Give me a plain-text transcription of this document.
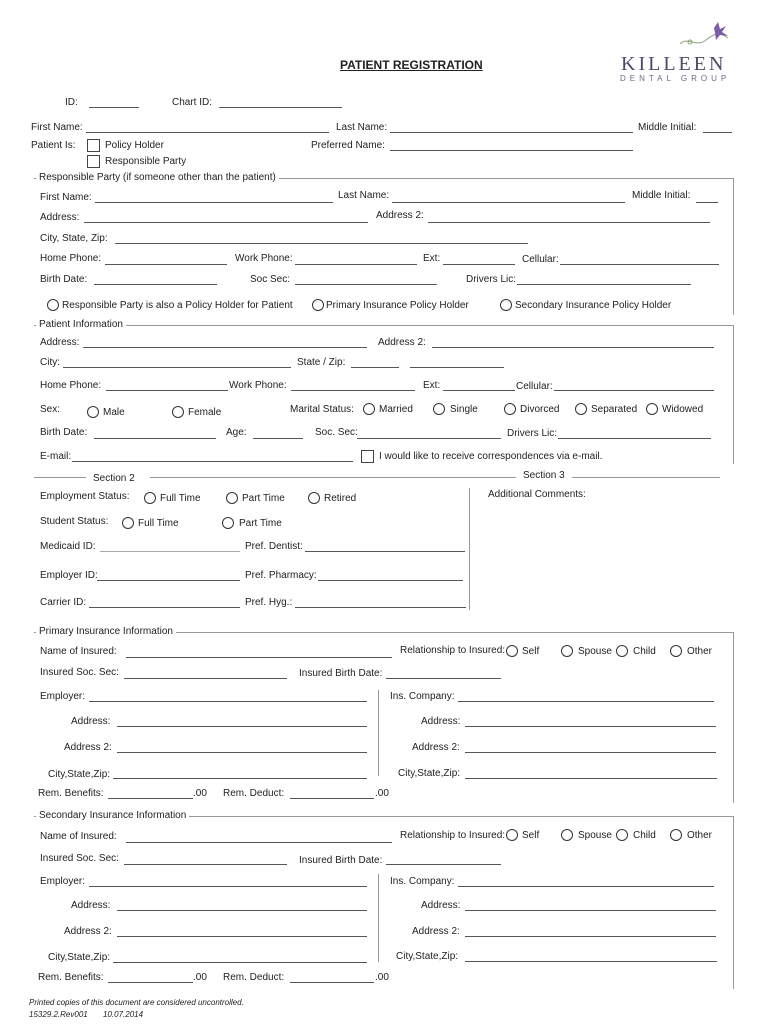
PATIENT REGISTRATION	KILLEEN
DENTAL GROUP
ID:	Chart ID:
First Name:	Last Name:	Middle Initial:
Patient Is:	Policy Holder
Responsible Party
Preferred Name:
Responsible Party (if someone other than the patient)
First Name:	Last Name:	Middle Initial:
Address:	Address 2:
City, State, Zip:
Home Phone:	Work Phone:	Ext:	Cellular:
Birth Date:	Soc Sec:	Drivers Lic:
Responsible Party is also a Policy Holder for Patient	Primary Insurance Policy Holder	Secondary Insurance Policy Holder
Patient Information
Address:	Address 2:
City:	State / Zip:
Home Phone:	Work Phone:	Ext:	Cellular:
Sex:	Male	Female	Marital Status:	Married	Single	Divorced	Separated Widowed
Birth Date:	Age:	Soc. Sec:	Drivers Lic:
E-mail:	I would like to receive correspondences via e-mail.
Section 2	Section 3
Employment Status:	Full Time	Part Time	Retired	Additional Comments:
Student Status:	Full Time	Part Time
Medicaid ID:	Pref. Dentist:
Employer ID:	Pref. Pharmacy:
Carrier ID:	Pref. Hyg.:
Primary Insurance Information
Name of Insured:	Relationship to Insured: Self	Spouse Child	Other
Insured Soc. Sec:	Insured Birth Date:
Employer:	Ins. Company:
Address:	Address:
Address 2:	Address 2:
City,State,Zip:	City,State,Zip:
Rem. Benefits:	.00 Rem. Deduct:	.00
Secondary Insurance Information
Name of Insured:	Relationship to Insured: Self	Spouse Child	Other
Insured Soc. Sec:	Insured Birth Date:
Employer:	Ins. Company:
Address:	Address:
Address 2:	Address 2:
City,State,Zip:	City,State,Zip:
Rem. Benefits:	.00 Rem. Deduct:	.00
Printed copies of this document are considered uncontrolled.
15329.2.Rev001 10.07.2014
